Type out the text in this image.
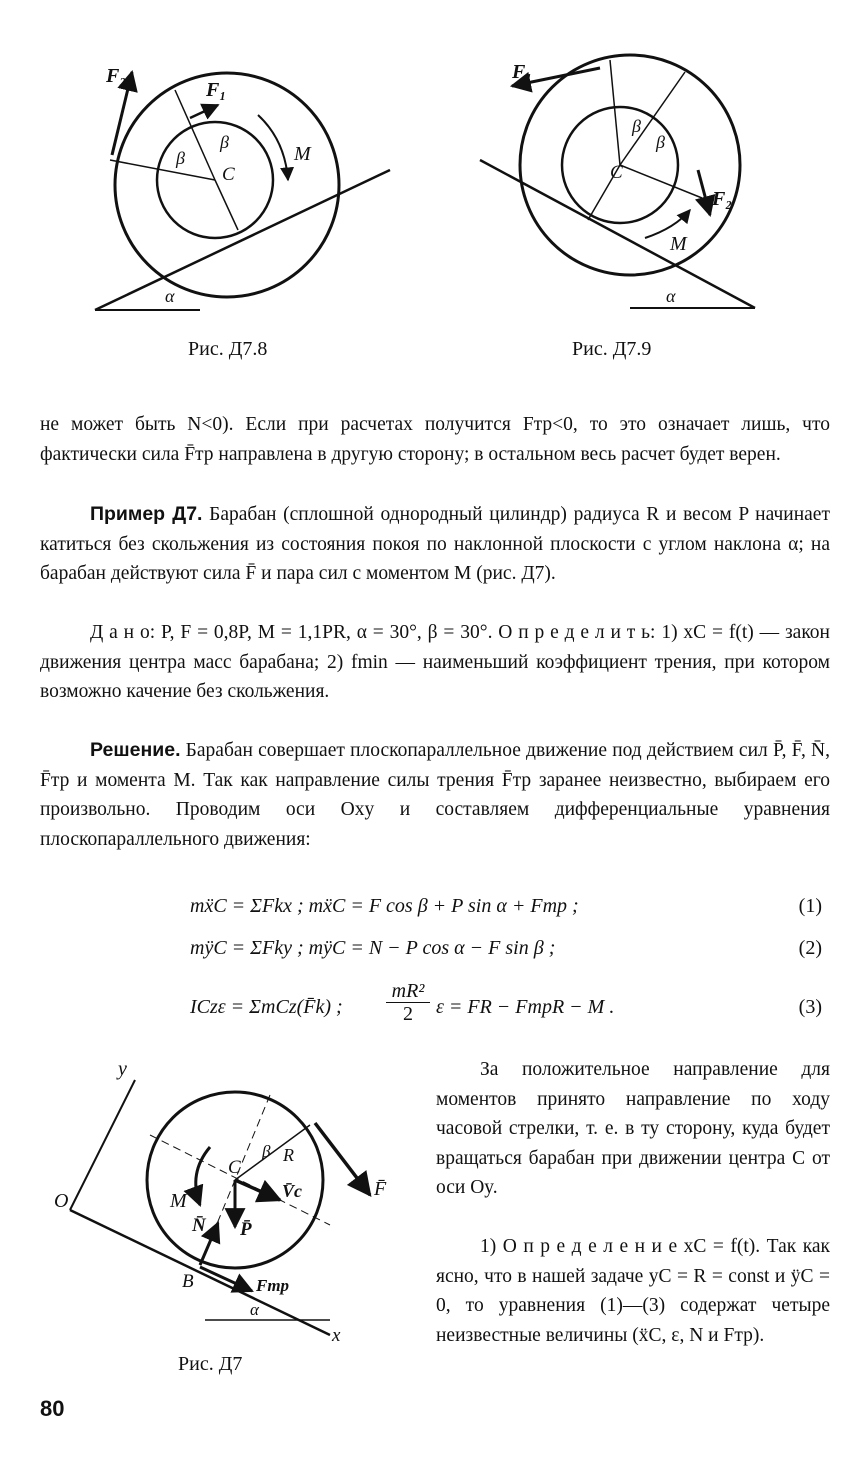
F₂
F₁
β
β
C
M
α
Рис. Д7.8
F₁
F₂
β
β
C
M
α
Рис. Д7.9
не может быть N<0). Если при расчетах получится Fтр<0, то это означает лишь, что фактически сила F̄тр направлена в другую сторону; в остальном весь расчет будет верен.
Пример Д7. Барабан (сплошной однородный цилиндр) радиуса R и весом P начинает катиться без скольжения из состояния покоя по наклонной плоскости с углом наклона α; на барабан действуют сила F̄ и пара сил с моментом M (рис. Д7).
Д а н о: P, F = 0,8P, M = 1,1PR, α = 30°, β = 30°. О п р е д е л и т ь: 1) xC = f(t) — закон движения центра масс барабана; 2) fmin — наименьший коэффициент трения, при котором возможно качение без скольжения.
Решение. Барабан совершает плоскопараллельное движение под действием сил P̄, F̄, N̄, F̄тр и момента M. Так как направление силы трения F̄тр заранее неизвестно, выбираем его произвольно. Проводим оси Oxy и составляем дифференциальные уравнения плоскопараллельного движения:
mẍC = ΣFkx ; mẍC = F cos β + P sin α + Fтр ;	(1)
mÿC = ΣFky ; mÿC = N − P cos α − F sin β ;	(2)
ICzε = ΣmCz(F̄k) ; $\frac{\text{mR²}}{2}$ ε = FR − FтрR − M .	(3)
y
O
C
β R
M	V̄c
N̄ P̄
F̄
B	Fтр
α
x
Рис. Д7
За положительное направление для моментов принято направление по ходу часовой стрелки, т. е. в ту сторону, куда будет вращаться барабан при движении центра C от оси Oy.
1) О п р е д е л е н и е xC = f(t). Так как ясно, что в нашей задаче yC = R = const и ÿC = 0, то уравнения (1)—(3) содержат четыре неизвестные величины (ẍC, ε, N и Fтр).
80
